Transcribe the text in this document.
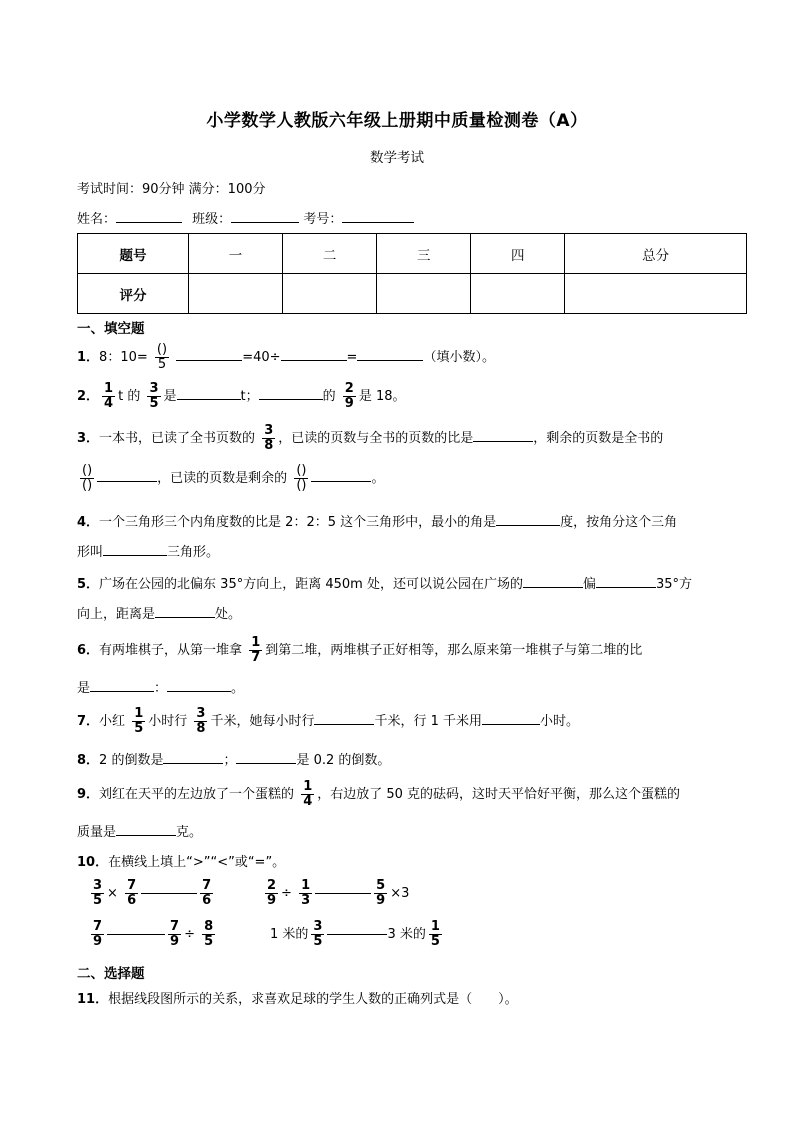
小学数学人教版六年级上册期中质量检测卷（A）
数学考试
考试时间：90分钟 满分：100分
姓名：	班级：	考号：
题号	一	二	三	四	总分
评分					
一、填空题
1．8：$10= \frac{()}{5}$	=40÷	=	（填小数）。
2． $\frac{1}{4}$ t 的 $\frac{3}{5}$ 是	t；	的 $\frac{2}{9}$ 是 18。
3．一本书，已读了全书页数的 $\frac{3}{8}$ ，已读的页数与全书的页数的比是	，剩余的页数是全书的
$\frac{()}{()}$	，已读的页数是剩余的 $\frac{()}{()}$	。
4．一个三角形三个内角度数的比是 2：2：5 这个三角形中，最小的角是	度，按角分这个三角
形叫	三角形。
5．广场在公园的北偏东 35°方向上，距离 450m 处，还可以说公园在广场的	偏	35°方
向上，距离是	处。
6．有两堆棋子，从第一堆拿 $\frac{1}{7}$ 到第二堆，两堆棋子正好相等，那么原来第一堆棋子与第二堆的比
是	：	。
7．小红 $\frac{1}{5}$ 小时行 $\frac{3}{8}$ 千米，她每小时行	千米，行 1 千米用	小时。
8．2 的倒数是	；	是 0.2 的倒数。
9．刘红在天平的左边放了一个蛋糕的 $\frac{1}{4}$ ，右边放了 50 克的砝码，这时天平恰好平衡，那么这个蛋糕的
质量是	克。
10．在横线上填上“>”“<”或“=”。
$\frac{3}{5} \times \frac{7}{6}$	$\frac{7}{6}$	$\frac{2}{9} \div \frac{1}{3}$	$\frac{5}{9} \times 3$
$\frac{7}{9}$	$\frac{7}{9} \div \frac{8}{5}$	1 米的 $\frac{3}{5}$	3 米的 $\frac{1}{5}$
二、选择题
11．根据线段图所示的关系，求喜欢足球的学生人数的正确列式是（　　）。
